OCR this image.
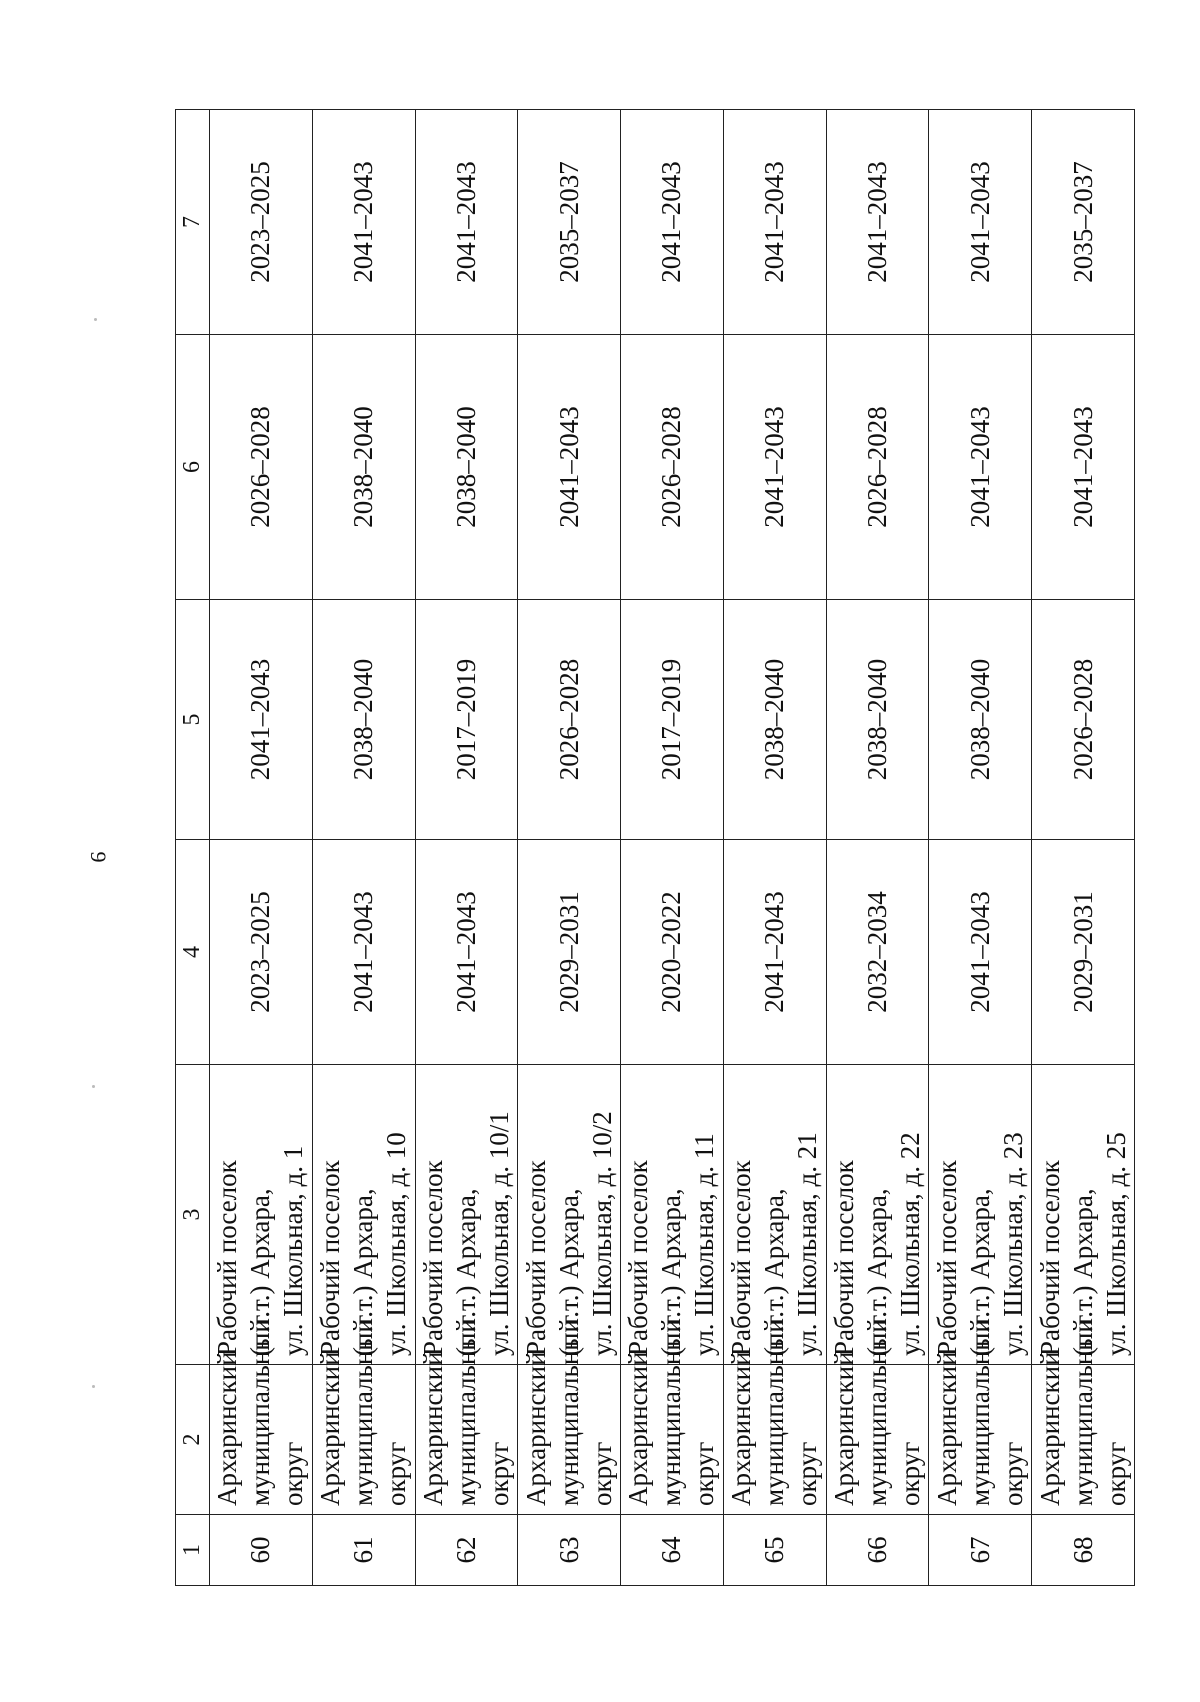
9
1	2	3	4	5	6	7
60	Архаринский муниципальный округ	Рабочий поселок (п.г.т.) Архара, ул. Школьная, д. 1	2023–2025	2041–2043	2026–2028	2023–2025
61	Архаринский муниципальный округ	Рабочий поселок (п.г.т.) Архара, ул. Школьная, д. 10	2041–2043	2038–2040	2038–2040	2041–2043
62	Архаринский муниципальный округ	Рабочий поселок (п.г.т.) Архара, ул. Школьная, д. 10/1	2041–2043	2017–2019	2038–2040	2041–2043
63	Архаринский муниципальный округ	Рабочий поселок (п.г.т.) Архара, ул. Школьная, д. 10/2	2029–2031	2026–2028	2041–2043	2035–2037
64	Архаринский муниципальный округ	Рабочий поселок (п.г.т.) Архара, ул. Школьная, д. 11	2020–2022	2017–2019	2026–2028	2041–2043
65	Архаринский муниципальный округ	Рабочий поселок (п.г.т.) Архара, ул. Школьная, д. 21	2041–2043	2038–2040	2041–2043	2041–2043
66	Архаринский муниципальный округ	Рабочий поселок (п.г.т.) Архара, ул. Школьная, д. 22	2032–2034	2038–2040	2026–2028	2041–2043
67	Архаринский муниципальный округ	Рабочий поселок (п.г.т.) Архара, ул. Школьная, д. 23	2041–2043	2038–2040	2041–2043	2041–2043
68	Архаринский муниципальный округ	Рабочий поселок (п.г.т.) Архара, ул. Школьная, д. 25	2029–2031	2026–2028	2041–2043	2035–2037
